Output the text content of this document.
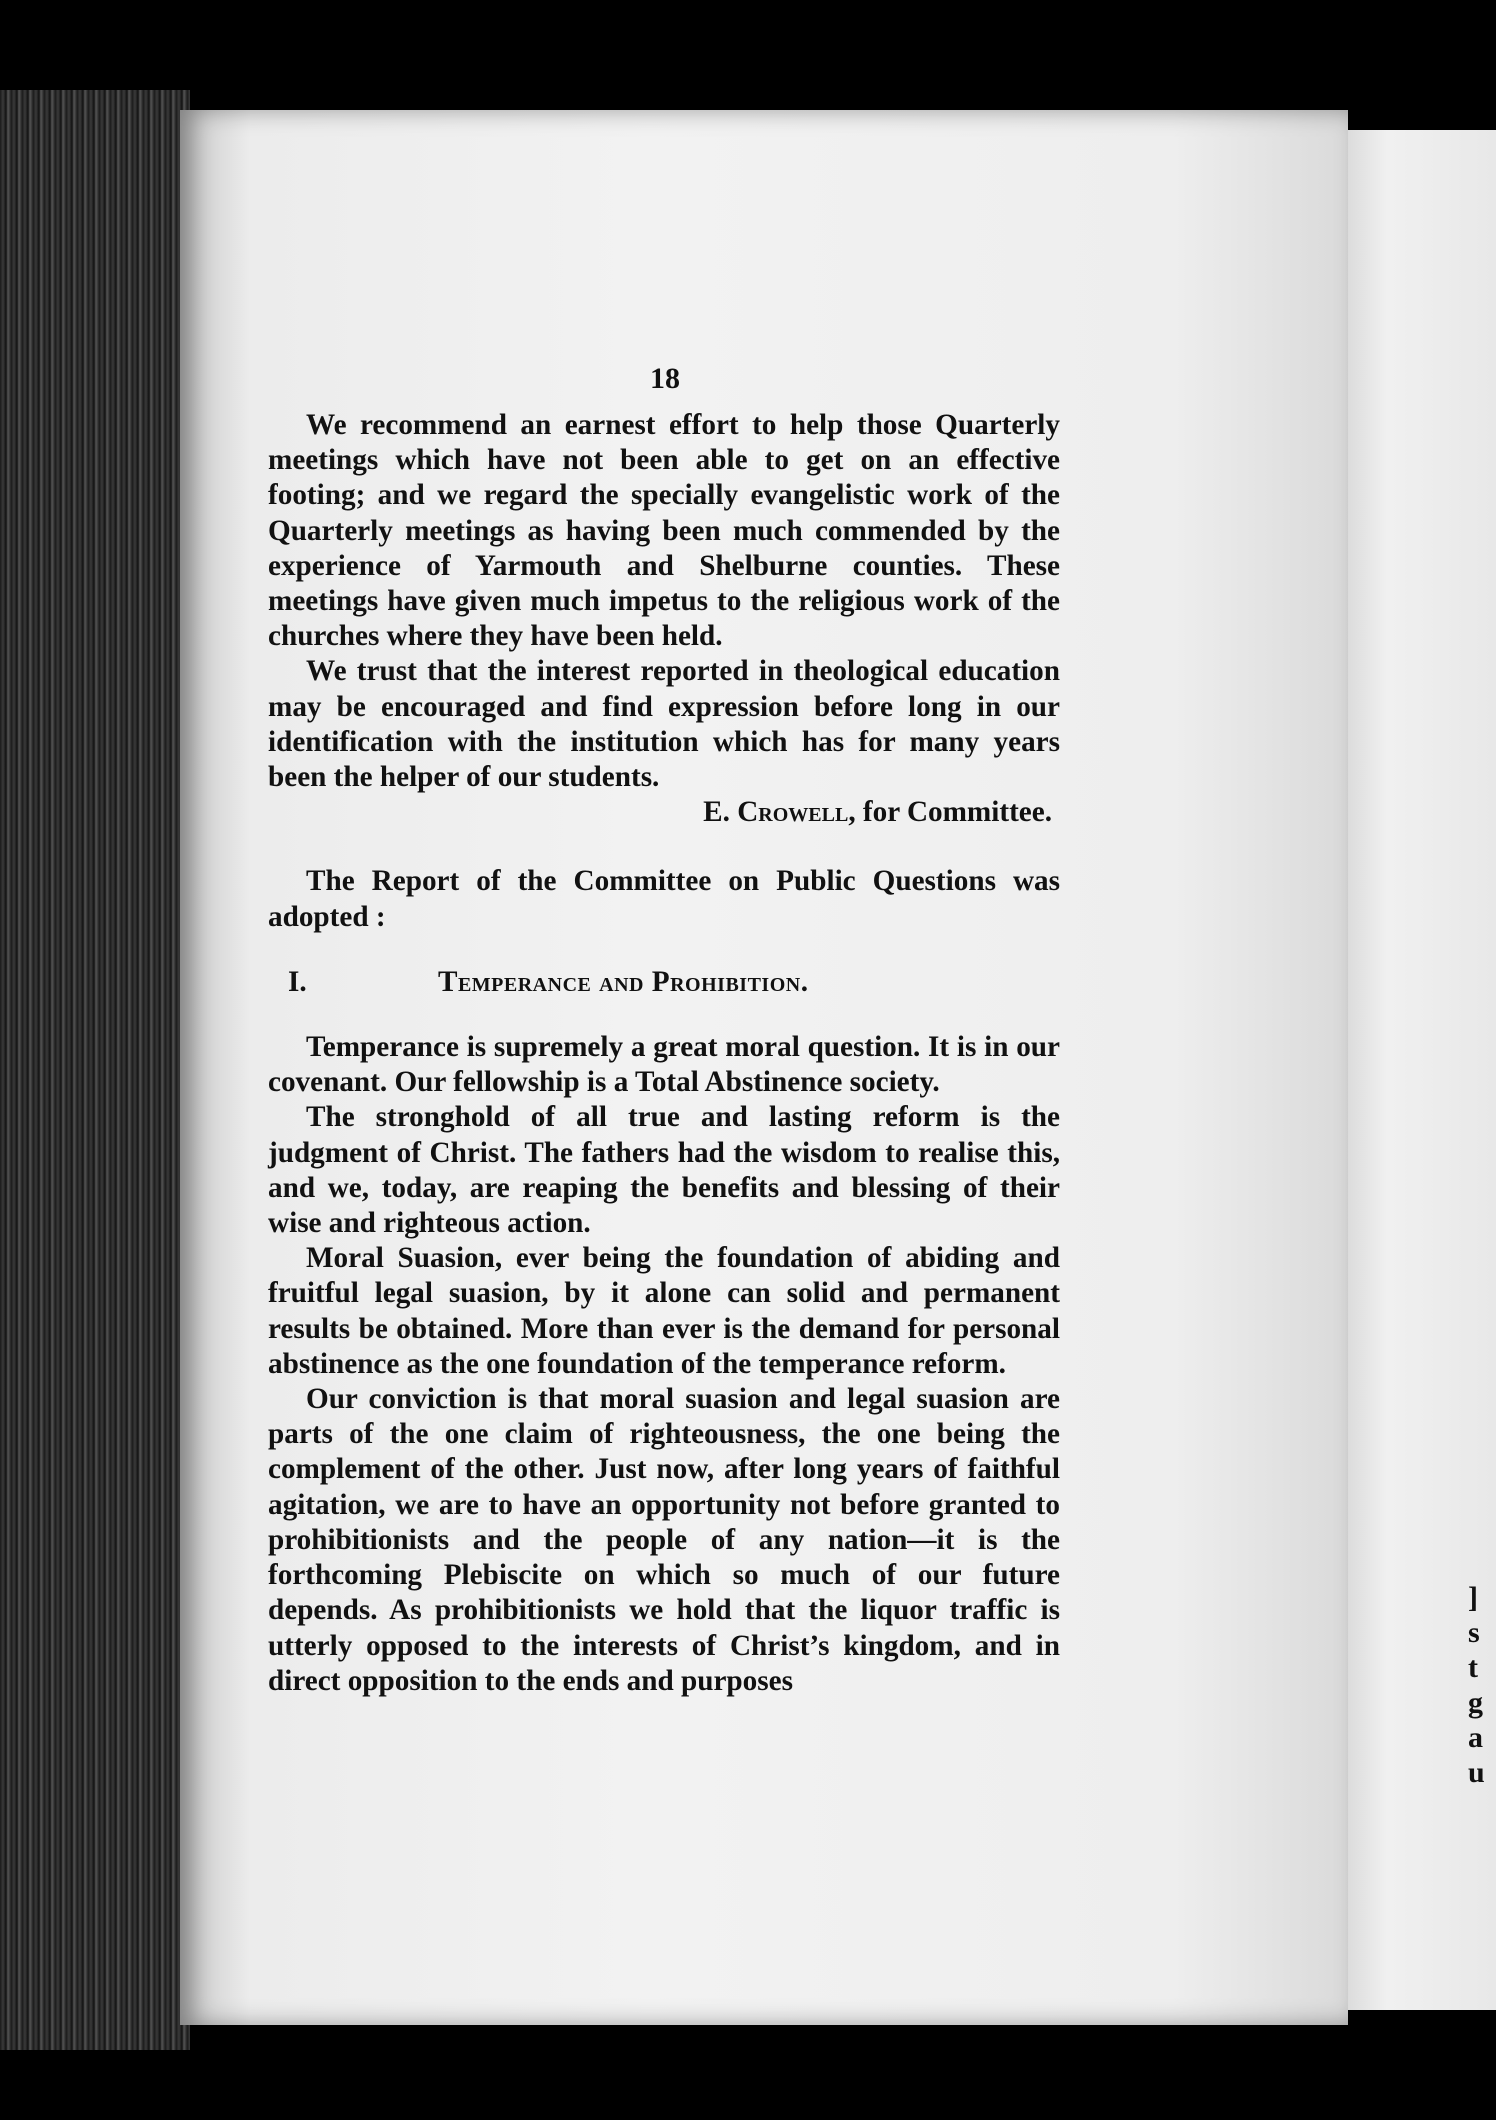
]
s
t
g
a
u
18

We recommend an earnest effort to help those Quarterly meetings which have not been able to get on an effective footing; and we regard the specially evangelistic work of the Quarterly meetings as having been much commended by the experience of Yarmouth and Shelburne counties. These meetings have given much impetus to the religious work of the churches where they have been held.

We trust that the interest reported in theological education may be encouraged and find expression before long in our identification with the institution which has for many years been the helper of our students.

E. Crowell, for Committee.

The Report of the Committee on Public Questions was adopted :

I.	Temperance and Prohibition.

Temperance is supremely a great moral question. It is in our covenant. Our fellowship is a Total Abstinence society.

The stronghold of all true and lasting reform is the judgment of Christ. The fathers had the wisdom to realise this, and we, today, are reaping the benefits and blessing of their wise and righteous action.

Moral Suasion, ever being the foundation of abiding and fruitful legal suasion, by it alone can solid and permanent results be obtained. More than ever is the demand for personal abstinence as the one foundation of the temperance reform.

Our conviction is that moral suasion and legal suasion are parts of the one claim of righteousness, the one being the complement of the other. Just now, after long years of faithful agitation, we are to have an opportunity not before granted to prohibitionists and the people of any nation—it is the forthcoming Plebiscite on which so much of our future depends. As prohibitionists we hold that the liquor traffic is utterly opposed to the interests of Christ’s kingdom, and in direct opposition to the ends and purposes
